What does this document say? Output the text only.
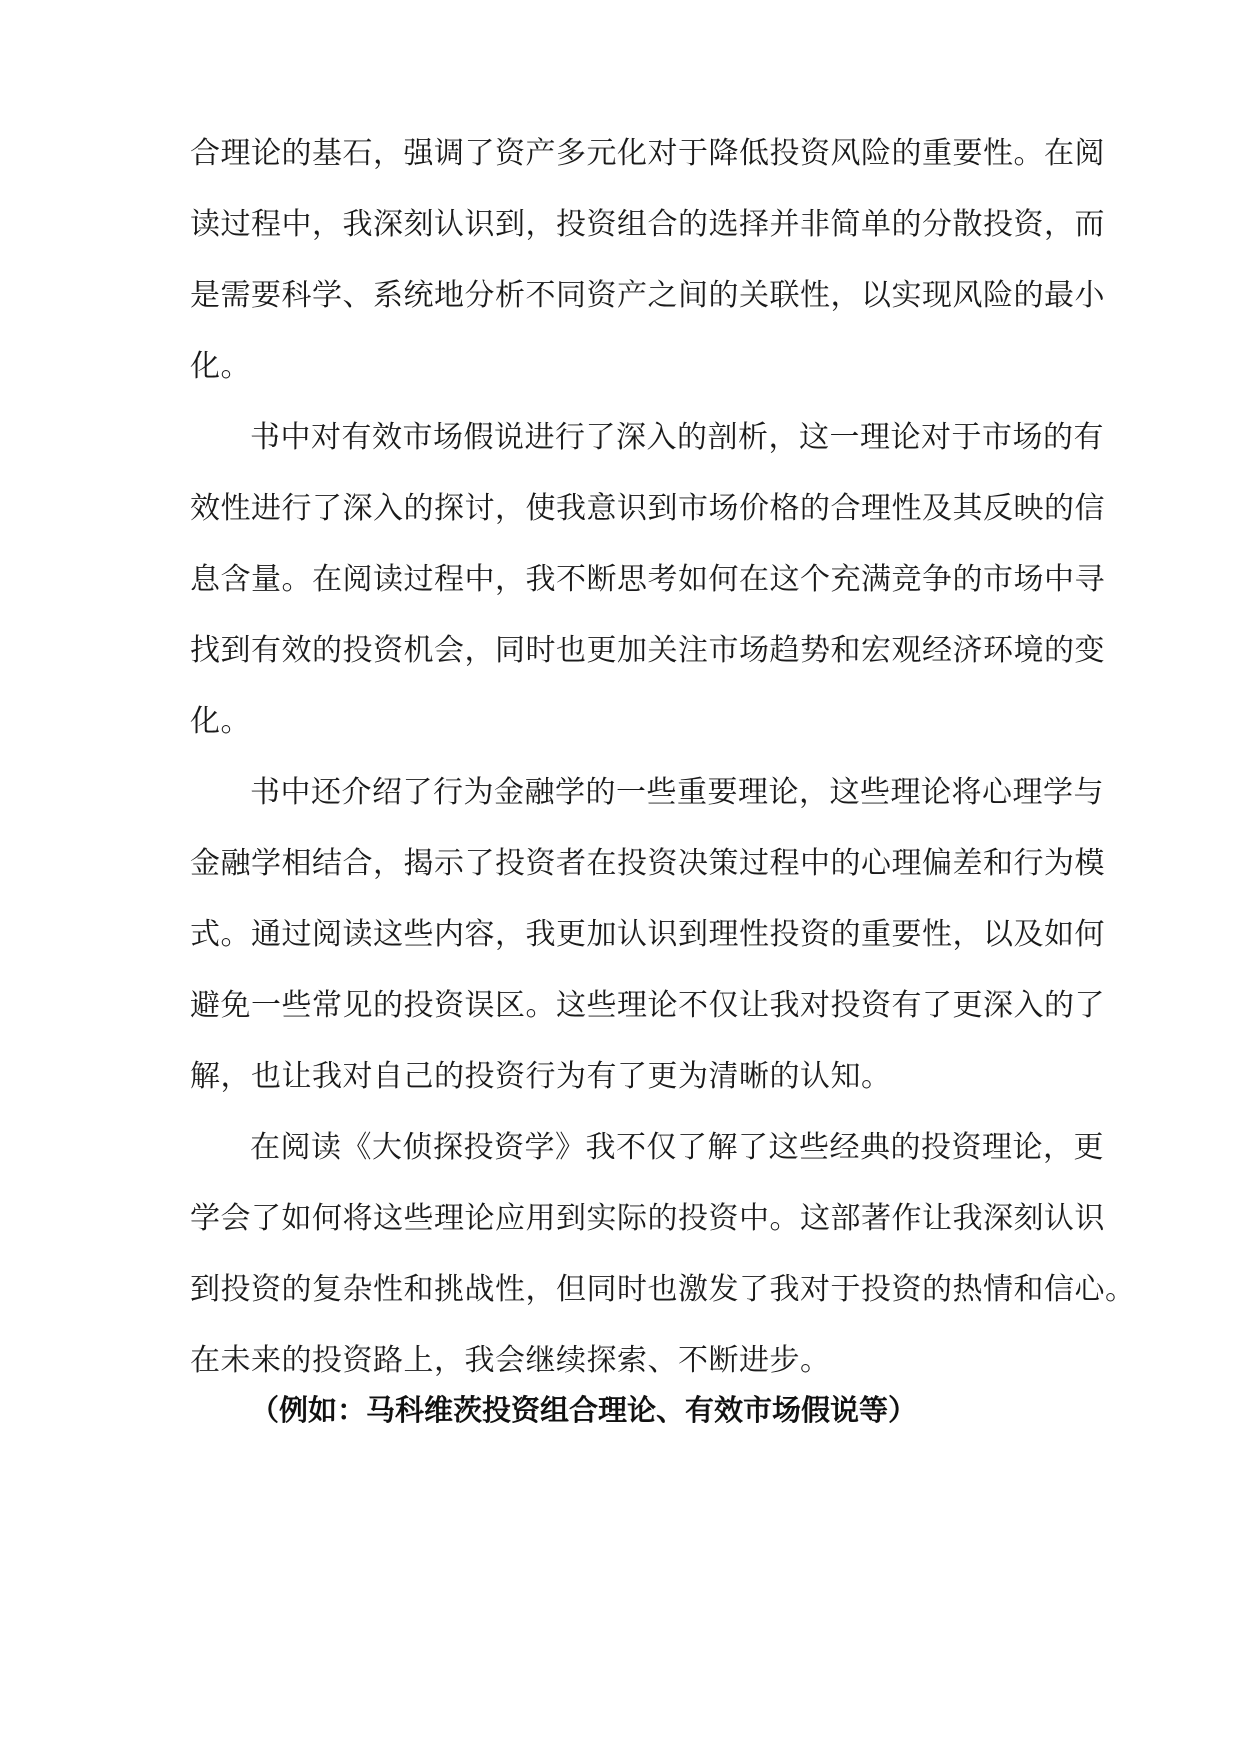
合理论的基石，强调了资产多元化对于降低投资风险的重要性。在阅
读过程中，我深刻认识到，投资组合的选择并非简单的分散投资，而
是需要科学、系统地分析不同资产之间的关联性，以实现风险的最小
化。
书中对有效市场假说进行了深入的剖析，这一理论对于市场的有
效性进行了深入的探讨，使我意识到市场价格的合理性及其反映的信
息含量。在阅读过程中，我不断思考如何在这个充满竞争的市场中寻
找到有效的投资机会，同时也更加关注市场趋势和宏观经济环境的变
化。
书中还介绍了行为金融学的一些重要理论，这些理论将心理学与
金融学相结合，揭示了投资者在投资决策过程中的心理偏差和行为模
式。通过阅读这些内容，我更加认识到理性投资的重要性，以及如何
避免一些常见的投资误区。这些理论不仅让我对投资有了更深入的了
解，也让我对自己的投资行为有了更为清晰的认知。
在阅读《大侦探投资学》我不仅了解了这些经典的投资理论，更
学会了如何将这些理论应用到实际的投资中。这部著作让我深刻认识
到投资的复杂性和挑战性，但同时也激发了我对于投资的热情和信心。
在未来的投资路上，我会继续探索、不断进步。
（例如：马科维茨投资组合理论、有效市场假说等）
